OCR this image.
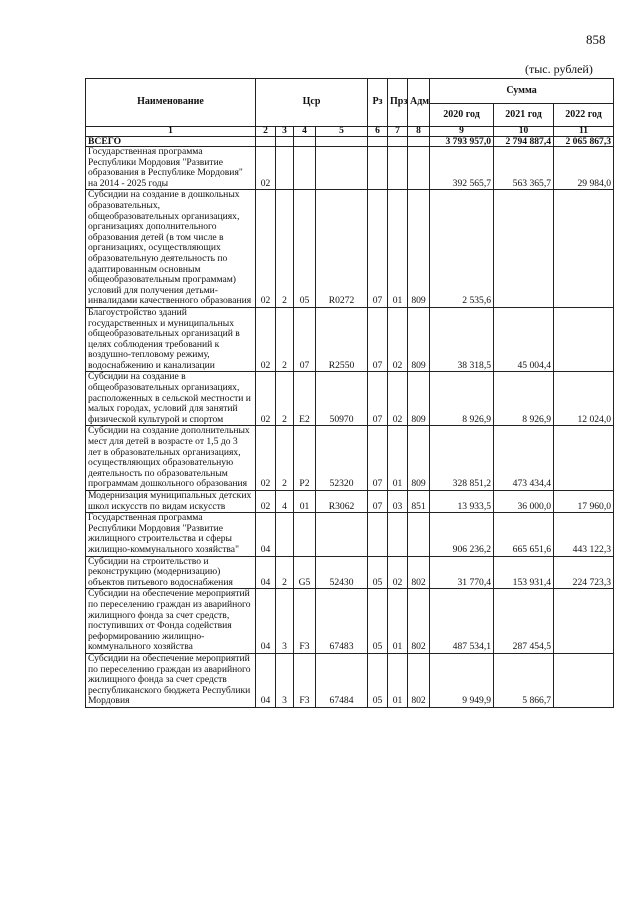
858
(тыс. рублей)
Наименование	Цср				Рз	Прз	Адм	Сумма		
								2020 год	2021 год	2022 год
1	2	3	4	5	6	7	8	9	10	11
ВСЕГО								3 793 957,0	2 794 887,4	2 065 867,3
Государственная программа Республики Мордовия "Развитие образования в Республике Мордовия" на 2014 - 2025 годы	02							392 565,7	563 365,7	29 984,0
Субсидии на создание в дошкольных образовательных, общеобразовательных организациях, организациях дополнительного образования детей (в том числе в организациях, осуществляющих образовательную деятельность по адаптированным основным общеобразовательным программам) условий для получения детьми-инвалидами качественного образования	02	2	05	R0272	07	01	809	2 535,6		
Благоустройство зданий государственных и муниципальных общеобразовательных организаций в целях соблюдения требований к воздушно-тепловому режиму, водоснабжению и канализации	02	2	07	R2550	07	02	809	38 318,5	45 004,4	
Субсидии на создание в общеобразовательных организациях, расположенных в сельской местности и малых городах, условий для занятий физической культурой и спортом	02	2	E2	50970	07	02	809	8 926,9	8 926,9	12 024,0
Субсидии на создание дополнительных мест для детей в возрасте от 1,5 до 3 лет в образовательных организациях, осуществляющих образовательную деятельность по образовательным программам дошкольного образования	02	2	P2	52320	07	01	809	328 851,2	473 434,4	
Модернизация муниципальных детских школ искусств по видам искусств	02	4	01	R3062	07	03	851	13 933,5	36 000,0	17 960,0
Государственная программа Республики Мордовия "Развитие жилищного строительства и сферы жилищно-коммунального хозяйства"	04							906 236,2	665 651,6	443 122,3
Субсидии на строительство и реконструкцию (модернизацию) объектов питьевого водоснабжения	04	2	G5	52430	05	02	802	31 770,4	153 931,4	224 723,3
Субсидии на обеспечение мероприятий по переселению граждан из аварийного жилищного фонда за счет средств, поступивших от Фонда содействия реформированию жилищно-коммунального хозяйства	04	3	F3	67483	05	01	802	487 534,1	287 454,5	
Субсидии на обеспечение мероприятий по переселению граждан из аварийного жилищного фонда за счет средств республиканского бюджета Республики Мордовия	04	3	F3	67484	05	01	802	9 949,9	5 866,7	
